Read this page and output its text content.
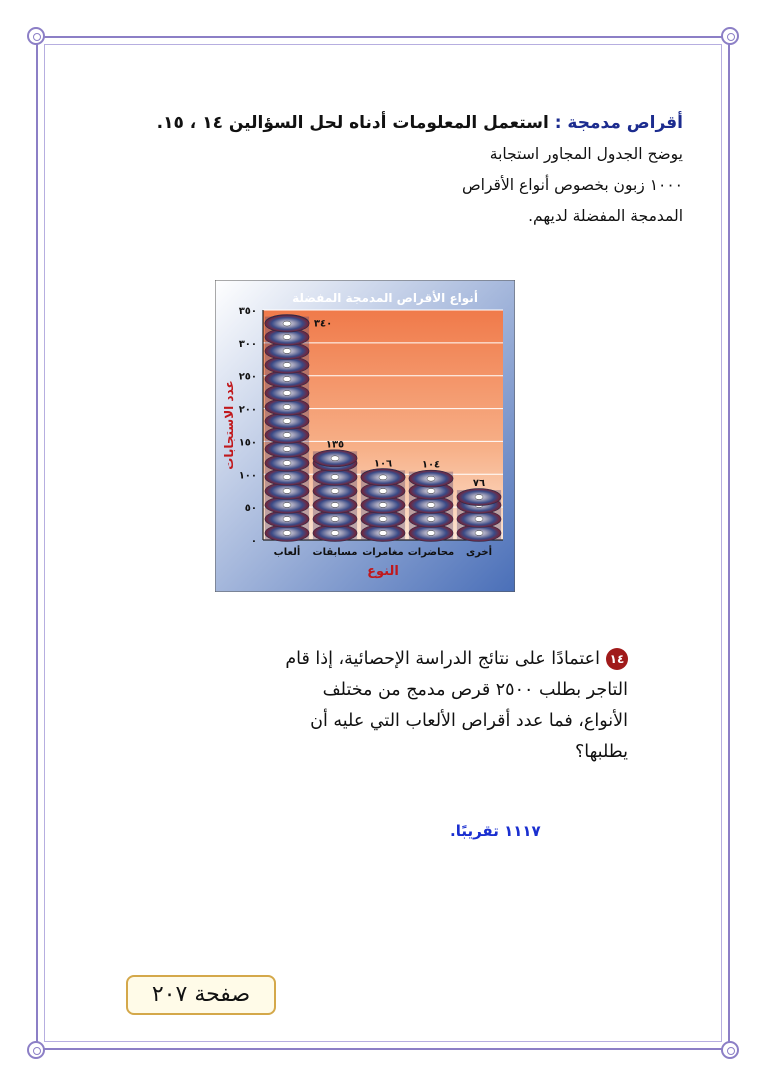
أقراص مدمجة : استعمل المعلومات أدناه لحل السؤالين ١٤ ، ١٥.
يوضح الجدول المجاور استجابة
١٠٠٠ زبون بخصوص أنواع الأقراص
المدمجة المفضلة لديهم.
أنواع الأقراص المدمجة المفضلة
٠
٥٠
١٠٠
١٥٠
٢٠٠
٢٥٠
٣٠٠
٣٥٠
٣٤٠
١٣٥
١٠٦	١٠٤
٧٦
ألعاب مسابقات مغامرات محاضرات أخرى
النوع
عدد الاستجابات
١٤اعتمادًا على نتائج الدراسة الإحصائية، إذا قام التاجر بطلب ٢٥٠٠ قرص مدمج من مختلف الأنواع، فما عدد أقراص الألعاب التي عليه أن يطلبها؟
١١١٧ تقريبًا.
صفحة ٢٠٧
